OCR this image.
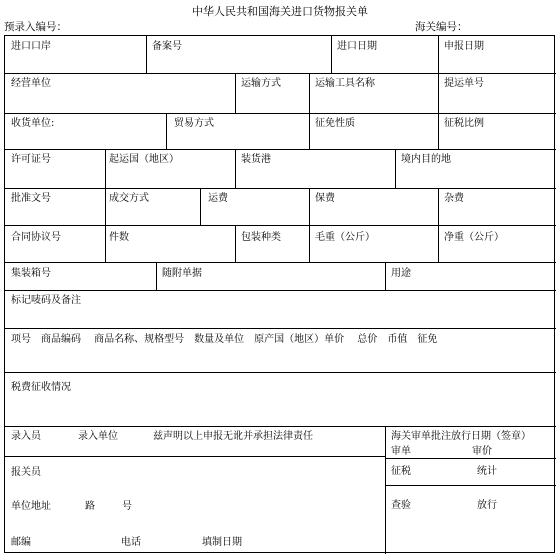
中华人民共和国海关进口货物报关单
预录入编号：	海关编号：
进口口岸	备案号	进口日期	申报日期
经营单位	运输方式	运输工具名称	提运单号
收货单位:	贸易方式	征免性质	征税比例
许可证号	起运国（地区）	装货港	境内目的地
批准文号	成交方式	运费	保费	杂费
合同协议号	件数	包装种类	毛重（公斤）	净重（公斤）
集装箱号	随附单据	用途
标记唛码及备注
项号　商品编码　 商品名称、规格型号　数量及单位　原产国（地区）单价　 总价　币值　征免
税费征收情况
录入员	录入单位	兹声明以上申报无讹并承担法律责任
报关员
单位地址	路	号
邮编	电话	填制日期
海关审单批注放行日期（签章）
审单	审价
征税	统计
查验	放行
